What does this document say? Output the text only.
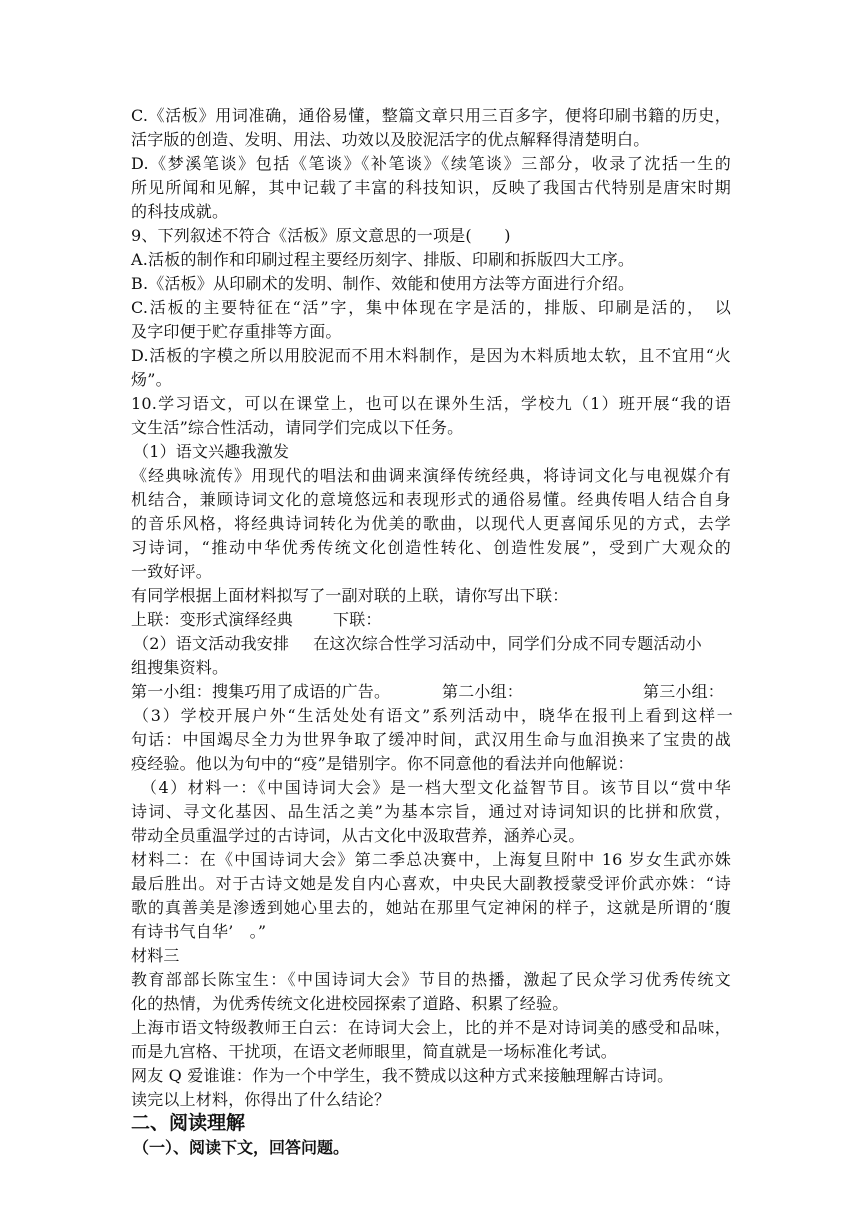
C.《活板》用词准确，通俗易懂，整篇文章只用三百多字，便将印刷书籍的历史，
活字版的创造、发明、用法、功效以及胶泥活字的优点解释得清楚明白。
D.《梦溪笔谈》包括《笔谈》《补笔谈》《续笔谈》三部分，收录了沈括一生的
所见所闻和见解，其中记载了丰富的科技知识，反映了我国古代特别是唐宋时期
的科技成就。
9、下列叙述不符合《活板》原文意思的一项是(　　)
A.活板的制作和印刷过程主要经历刻字、排版、印刷和拆版四大工序。
B.《活板》从印刷术的发明、制作、效能和使用方法等方面进行介绍。
C.活板的主要特征在“活”字，集中体现在字是活的，排版、印刷是活的，　以
及字印便于贮存重排等方面。
D.活板的字模之所以用胶泥而不用木料制作，是因为木料质地太软，且不宜用“火
炀”。
10.学习语文，可以在课堂上，也可以在课外生活，学校九（1）班开展“我的语
文生活”综合性活动，请同学们完成以下任务。
（1）语文兴趣我激发
《经典咏流传》用现代的唱法和曲调来演绎传统经典，将诗词文化与电视媒介有
机结合，兼顾诗词文化的意境悠远和表现形式的通俗易懂。经典传唱人结合自身
的音乐风格，将经典诗词转化为优美的歌曲，以现代人更喜闻乐见的方式，去学
习诗词，“推动中华优秀传统文化创造性转化、创造性发展”，受到广大观众的
一致好评。
有同学根据上面材料拟写了一副对联的上联，请你写出下联：
上联：变形式演绎经典	下联：
（2）语文活动我安排 在这次综合性学习活动中，同学们分成不同专题活动小
组搜集资料。
第一小组：搜集巧用了成语的广告。	第二小组：	第三小组：
（3）学校开展户外“生活处处有语文”系列活动中，晓华在报刊上看到这样一
句话：中国竭尽全力为世界争取了缓冲时间，武汉用生命与血泪换来了宝贵的战
疫经验。他以为句中的“疫”是错别字。你不同意他的看法并向他解说：
（4）材料一：《中国诗词大会》是一档大型文化益智节目。该节目以“赏中华
诗词、寻文化基因、品生活之美”为基本宗旨，通过对诗词知识的比拼和欣赏，
带动全员重温学过的古诗词，从古文化中汲取营养，涵养心灵。
材料二：在《中国诗词大会》第二季总决赛中，上海复旦附中 16 岁女生武亦姝
最后胜出。对于古诗文她是发自内心喜欢，中央民大副教授蒙受评价武亦姝：“诗
歌的真善美是渗透到她心里去的，她站在那里气定神闲的样子，这就是所谓的‘腹
有诗书气自华’　。”
材料三
教育部部长陈宝生：《中国诗词大会》节目的热播，激起了民众学习优秀传统文
化的热情，为优秀传统文化进校园探索了道路、积累了经验。
上海市语文特级教师王白云：在诗词大会上，比的并不是对诗词美的感受和品味，
而是九宫格、干扰项，在语文老师眼里，简直就是一场标准化考试。
网友 Q 爱谁谁：作为一个中学生，我不赞成以这种方式来接触理解古诗词。
读完以上材料，你得出了什么结论？
二、阅读理解
（一）、阅读下文，回答问题。
